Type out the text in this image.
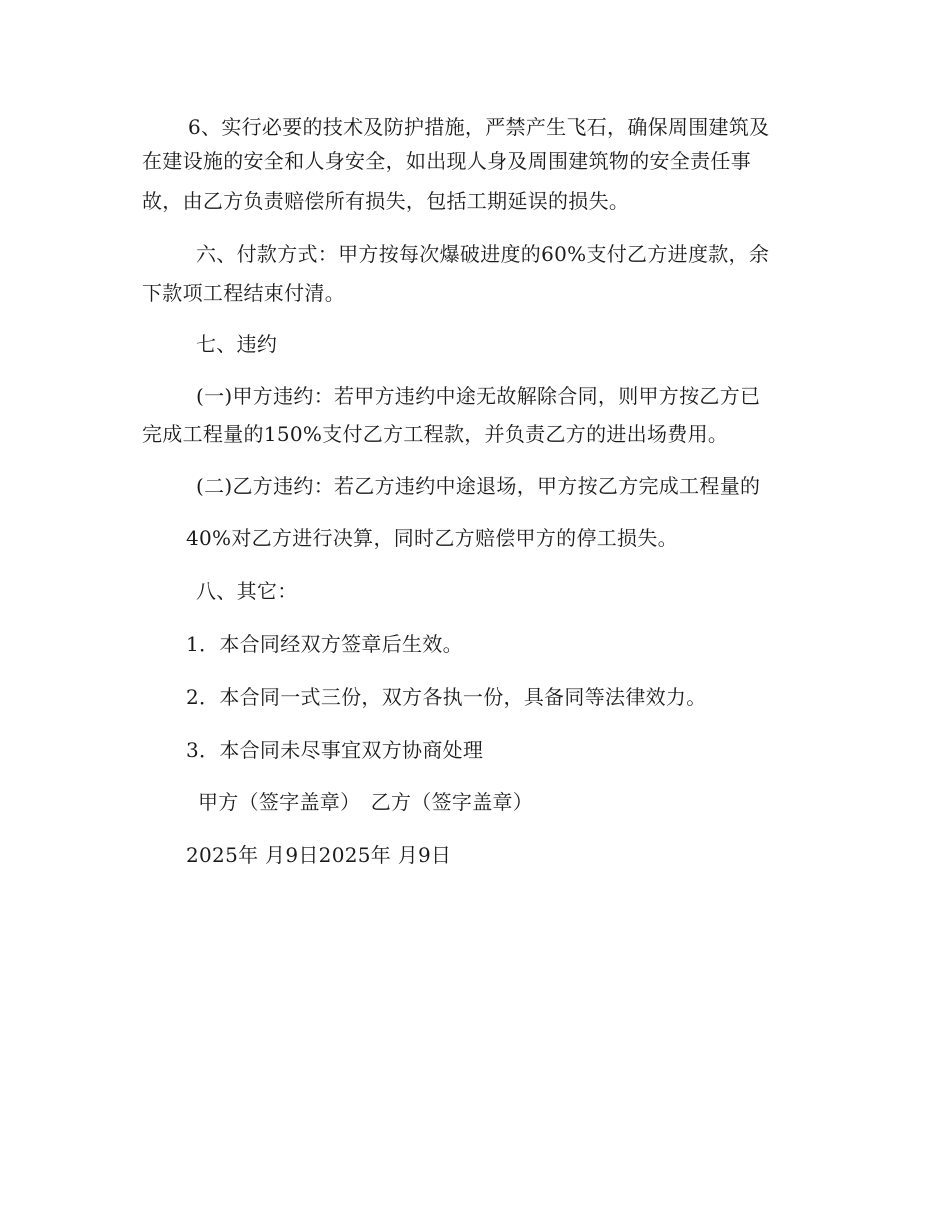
6、实行必要的技术及防护措施，严禁产生飞石，确保周围建筑及
在建设施的安全和人身安全，如出现人身及周围建筑物的安全责任事
故，由乙方负责赔偿所有损失，包括工期延误的损失。
六、付款方式：甲方按每次爆破进度的60%支付乙方进度款，余
下款项工程结束付清。
七、违约
(一)甲方违约：若甲方违约中途无故解除合同，则甲方按乙方已
完成工程量的150%支付乙方工程款，并负责乙方的进出场费用。
(二)乙方违约：若乙方违约中途退场，甲方按乙方完成工程量的
40%对乙方进行决算，同时乙方赔偿甲方的停工损失。
八、其它：
1．本合同经双方签章后生效。
2．本合同一式三份，双方各执一份，具备同等法律效力。
3．本合同未尽事宜双方协商处理
甲方（签字盖章）　乙方（签字盖章）
2025年 月9日2025年 月9日
